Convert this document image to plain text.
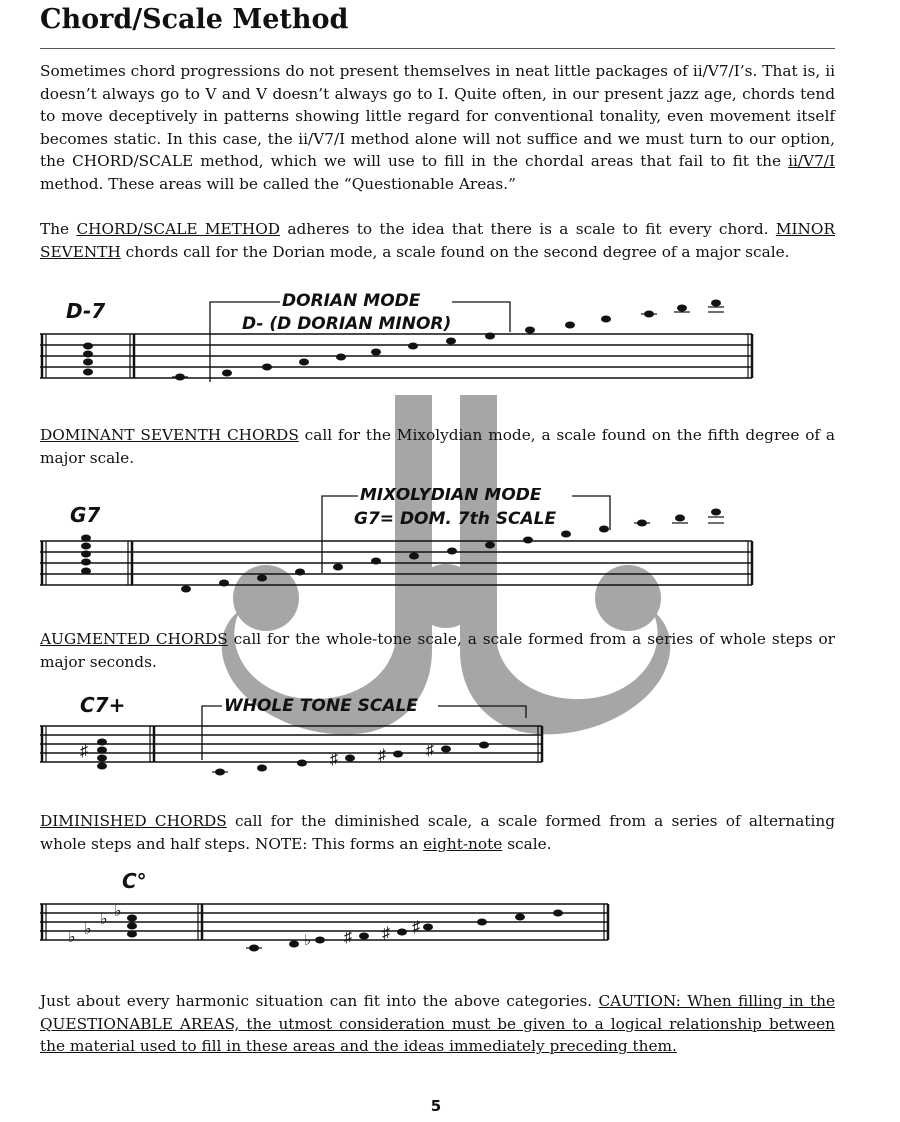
Chord/Scale Method

Sometimes chord progressions do not present themselves in neat little packages of ii/V7/I’s. That is, ii doesn’t always go to V and V doesn’t always go to I. Quite often, in our present jazz age, chords tend to move deceptively in patterns showing little regard for conventional tonality, even movement itself becomes static. In this case, the ii/V7/I method alone will not suffice and we must turn to our option, the CHORD/SCALE method, which we will use to fill in the chordal areas that fail to fit the ii/V7/I method. These areas will be called the “Questionable Areas.”

The CHORD/SCALE METHOD adheres to the idea that there is a scale to fit every chord. MINOR SEVENTH chords call for the Dorian mode, a scale found on the second degree of a major scale.

D-7	DORIAN MODE
D- (D DORIAN MINOR)

DOMINANT SEVENTH CHORDS call for the Mixolydian mode, a scale found on the fifth degree of a major scale.

G7
MIXOLYDIAN MODE
G7= DOM. 7th SCALE

AUGMENTED CHORDS call for the whole-tone scale, a scale formed from a series of whole steps or major seconds.

C7+
♯
WHOLE TONE SCALE
♯	♯	♯

DIMINISHED CHORDS call for the diminished scale, a scale formed from a series of alternating whole steps and half steps. NOTE: This forms an eight-note scale.

C°
♭ ♭
♭ ♭
♭ ♯ ♯ ♯

Just about every harmonic situation can fit into the above categories. CAUTION: When filling in the QUESTIONABLE AREAS, the utmost consideration must be given to a logical relationship between the material used to fill in these areas and the ideas immediately preceding them.

5
